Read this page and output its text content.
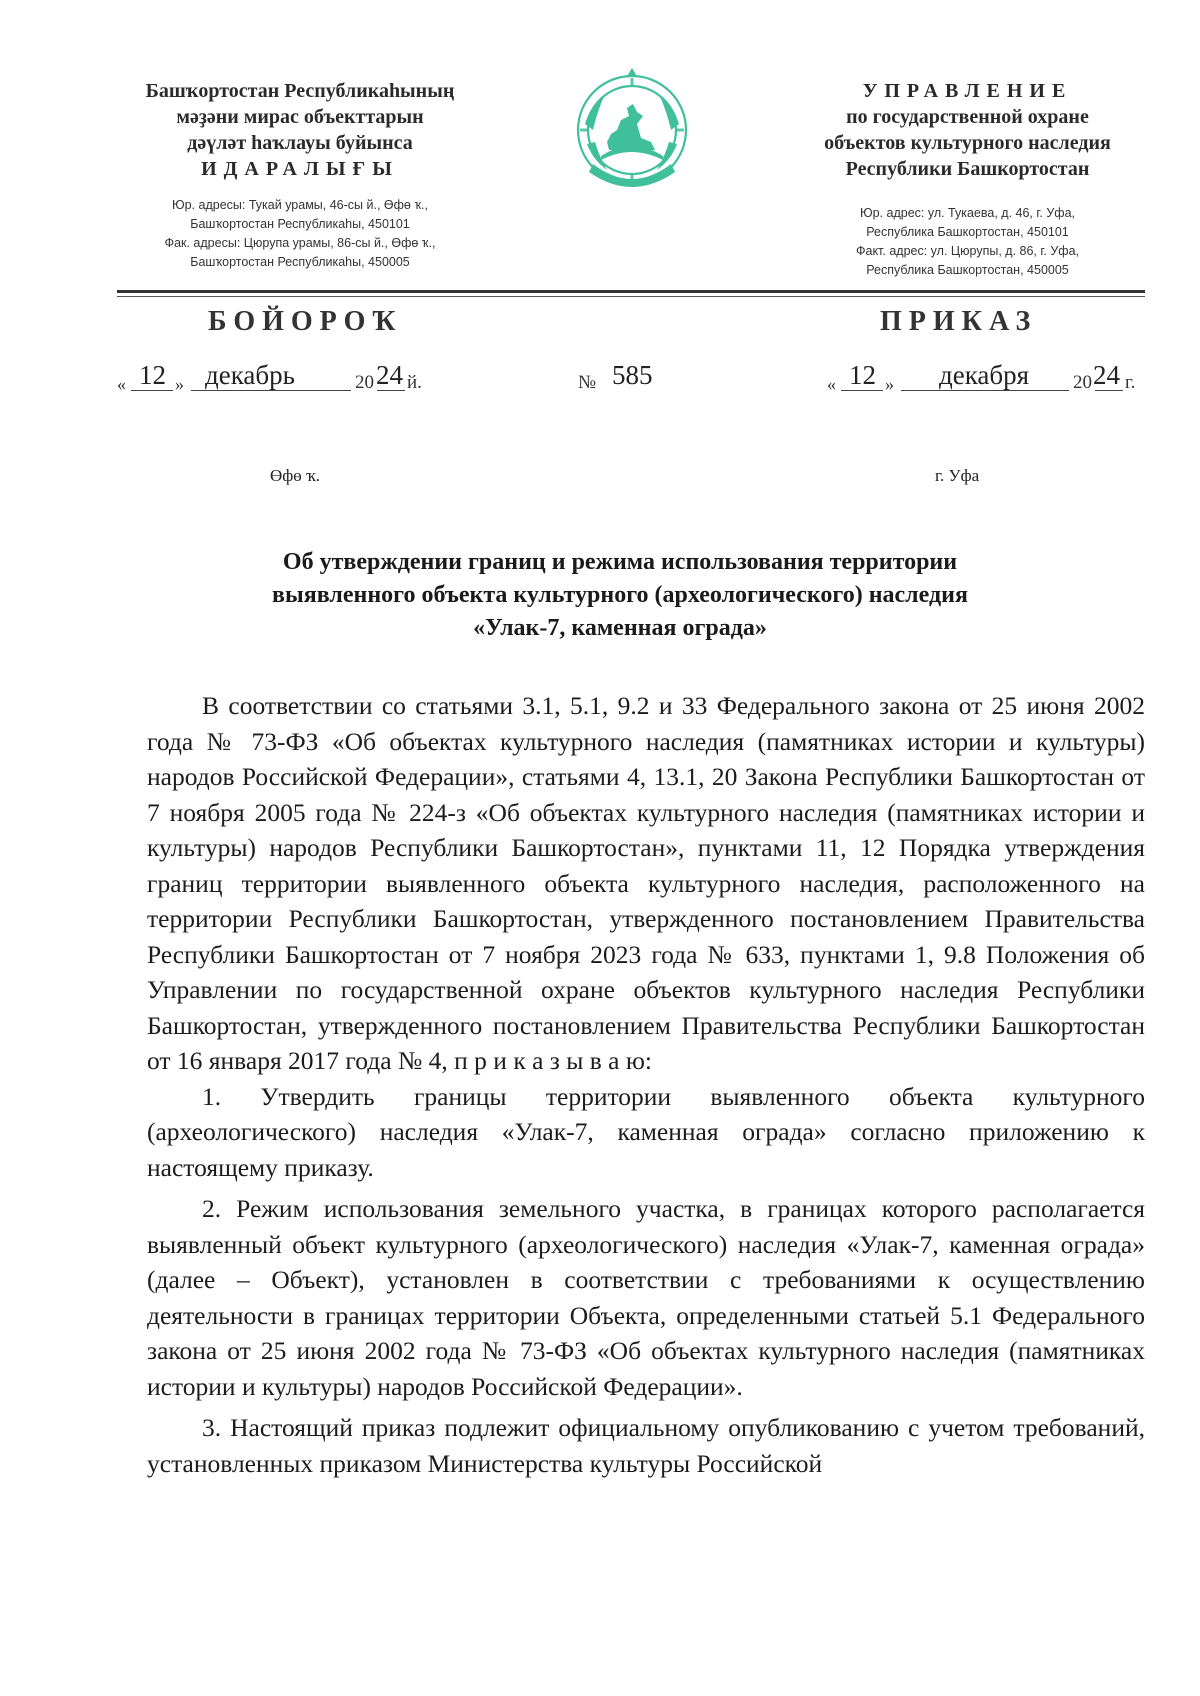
Башҡортостан Республикаһының
мәҙәни мирас объекттарын
дәүләт һаҡлауы буйынса
ИДАРАЛЫҒЫ
Юр. адресы: Тукай урамы, 46-сы й., Өфө ҡ.,
Башҡортостан Республикаһы, 450101
Фак. адресы: Цюрупа урамы, 86-сы й., Өфө ҡ.,
Башҡортостан Республикаһы, 450005
УПРАВЛЕНИЕ
по государственной охране
объектов культурного наследия
Республики Башкортостан
Юр. адрес: ул. Тукаева, д. 46, г. Уфа,
Республика Башкортостан, 450101
Факт. адрес: ул. Цюрупы, д. 86, г. Уфа,
Республика Башкортостан, 450005
БОЙОРОҠ	ПРИКАЗ
« 12 » декабрь	20 24 й.	№ 585	« 12 » декабря 20 24 г.
Өфө ҡ.	г. Уфа
Об утверждении границ и режима использования территории
выявленного объекта культурного (археологического) наследия
«Улак-7, каменная ограда»

В соответствии со статьями 3.1, 5.1, 9.2 и 33 Федерального закона от 25 июня 2002 года № 73-ФЗ «Об объектах культурного наследия (памятниках истории и культуры) народов Российской Федерации», статьями 4, 13.1, 20 Закона Республики Башкортостан от 7 ноября 2005 года № 224-з «Об объектах культурного наследия (памятниках истории и культуры) народов Республики Башкортостан», пунктами 11, 12 Порядка утверждения границ территории выявленного объекта культурного наследия, расположенного на территории Республики Башкортостан, утвержденного постановлением Правительства Республики Башкортостан от 7 ноября 2023 года № 633, пунктами 1, 9.8 Положения об Управлении по государственной охране объектов культурного наследия Республики Башкортостан, утвержденного постановлением Правительства Республики Башкортостан от 16 января 2017 года № 4, п р и к а з ы в а ю:

1. Утвердить границы территории выявленного объекта культурного (археологического) наследия «Улак-7, каменная ограда» согласно приложению к настоящему приказу.

2. Режим использования земельного участка, в границах которого располагается выявленный объект культурного (археологического) наследия «Улак-7, каменная ограда» (далее – Объект), установлен в соответствии с требованиями к осуществлению деятельности в границах территории Объекта, определенными статьей 5.1 Федерального закона от 25 июня 2002 года № 73-ФЗ «Об объектах культурного наследия (памятниках истории и культуры) народов Российской Федерации».

3. Настоящий приказ подлежит официальному опубликованию с учетом требований, установленных приказом Министерства культуры Российской
